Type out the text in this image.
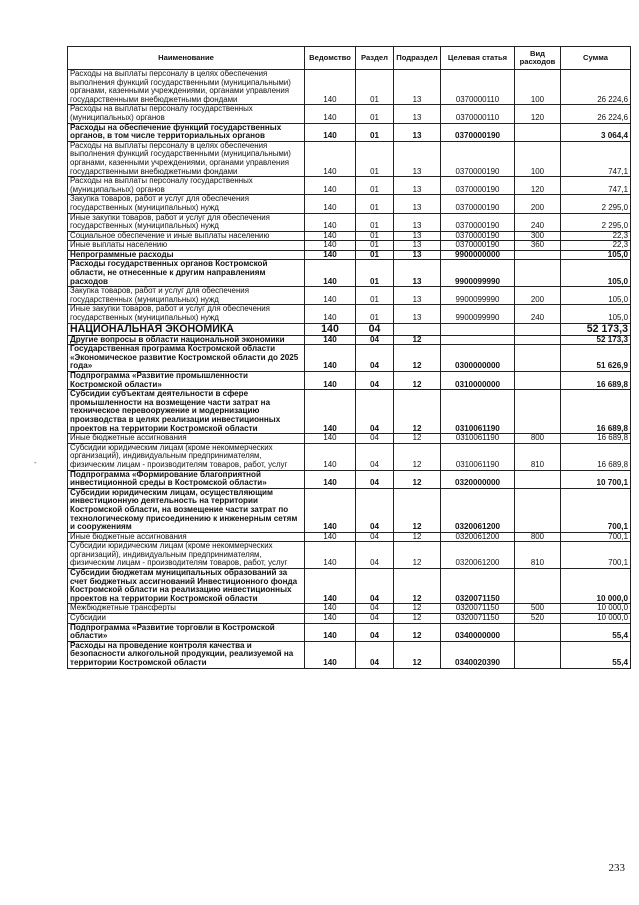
Наименование	Ведомство	Раздел	Подраздел	Целевая статья	Вид расходов	Сумма
Расходы на выплаты персоналу в целях обеспечения выполнения функций государственными (муниципальными) органами, казенными учреждениями, органами управления государственными внебюджетными фондами	140	01	13	0370000110	100	26 224,6
Расходы на выплаты персоналу государственных (муниципальных) органов	140	01	13	0370000110	120	26 224,6
Расходы на обеспечение функций государственных органов, в том числе территориальных органов	140	01	13	0370000190		3 064,4
Расходы на выплаты персоналу в целях обеспечения выполнения функций государственными (муниципальными) органами, казенными учреждениями, органами управления государственными внебюджетными фондами	140	01	13	0370000190	100	747,1
Расходы на выплаты персоналу государственных (муниципальных) органов	140	01	13	0370000190	120	747,1
Закупка товаров, работ и услуг для обеспечения государственных (муниципальных) нужд	140	01	13	0370000190	200	2 295,0
Иные закупки товаров, работ и услуг для обеспечения государственных (муниципальных) нужд	140	01	13	0370000190	240	2 295,0
Социальное обеспечение и иные выплаты населению	140	01	13	0370000190	300	22,3
Иные выплаты населению	140	01	13	0370000190	360	22,3
Непрограммные расходы	140	01	13	9900000000		105,0
Расходы государственных органов Костромской области, не отнесенные к другим направлениям расходов	140	01	13	9900099990		105,0
Закупка товаров, работ и услуг для обеспечения государственных (муниципальных) нужд	140	01	13	9900099990	200	105,0
Иные закупки товаров, работ и услуг для обеспечения государственных (муниципальных) нужд	140	01	13	9900099990	240	105,0
НАЦИОНАЛЬНАЯ ЭКОНОМИКА	140	04				52 173,3
Другие вопросы в области национальной экономики	140	04	12			52 173,3
Государственная программа Костромской области «Экономическое развитие Костромской области до 2025 года»	140	04	12	0300000000		51 626,9
Подпрограмма «Развитие промышленности Костромской области»	140	04	12	0310000000		16 689,8
Субсидии субъектам деятельности в сфере промышленности на возмещение части затрат на техническое перевооружение и модернизацию производства в целях реализации инвестиционных проектов на территории Костромской области	140	04	12	0310061190		16 689,8
Иные бюджетные ассигнования	140	04	12	0310061190	800	16 689,8
Субсидии юридическим лицам (кроме некоммерческих организаций), индивидуальным предпринимателям, физическим лицам - производителям товаров, работ, услуг	140	04	12	0310061190	810	16 689,8
Подпрограмма «Формирование благоприятной инвестиционной среды в Костромской области»	140	04	12	0320000000		10 700,1
Субсидии юридическим лицам, осуществляющим инвестиционную деятельность на территории Костромской области, на возмещение части затрат по технологическому присоединению к инженерным сетям и сооружениям	140	04	12	0320061200		700,1
Иные бюджетные ассигнования	140	04	12	0320061200	800	700,1
Субсидии юридическим лицам (кроме некоммерческих организаций), индивидуальным предпринимателям, физическим лицам - производителям товаров, работ, услуг	140	04	12	0320061200	810	700,1
Субсидии бюджетам муниципальных образований за счет бюджетных ассигнований Инвестиционного фонда Костромской области на реализацию инвестиционных проектов на территории Костромской области	140	04	12	0320071150		10 000,0
Межбюджетные трансферты	140	04	12	0320071150	500	10 000,0
Субсидии	140	04	12	0320071150	520	10 000,0
Подпрограмма «Развитие торговли в Костромской области»	140	04	12	0340000000		55,4
Расходы на проведение контроля качества и безопасности алкогольной продукции, реализуемой на территории Костромской области	140	04	12	0340020390		55,4
-
233
